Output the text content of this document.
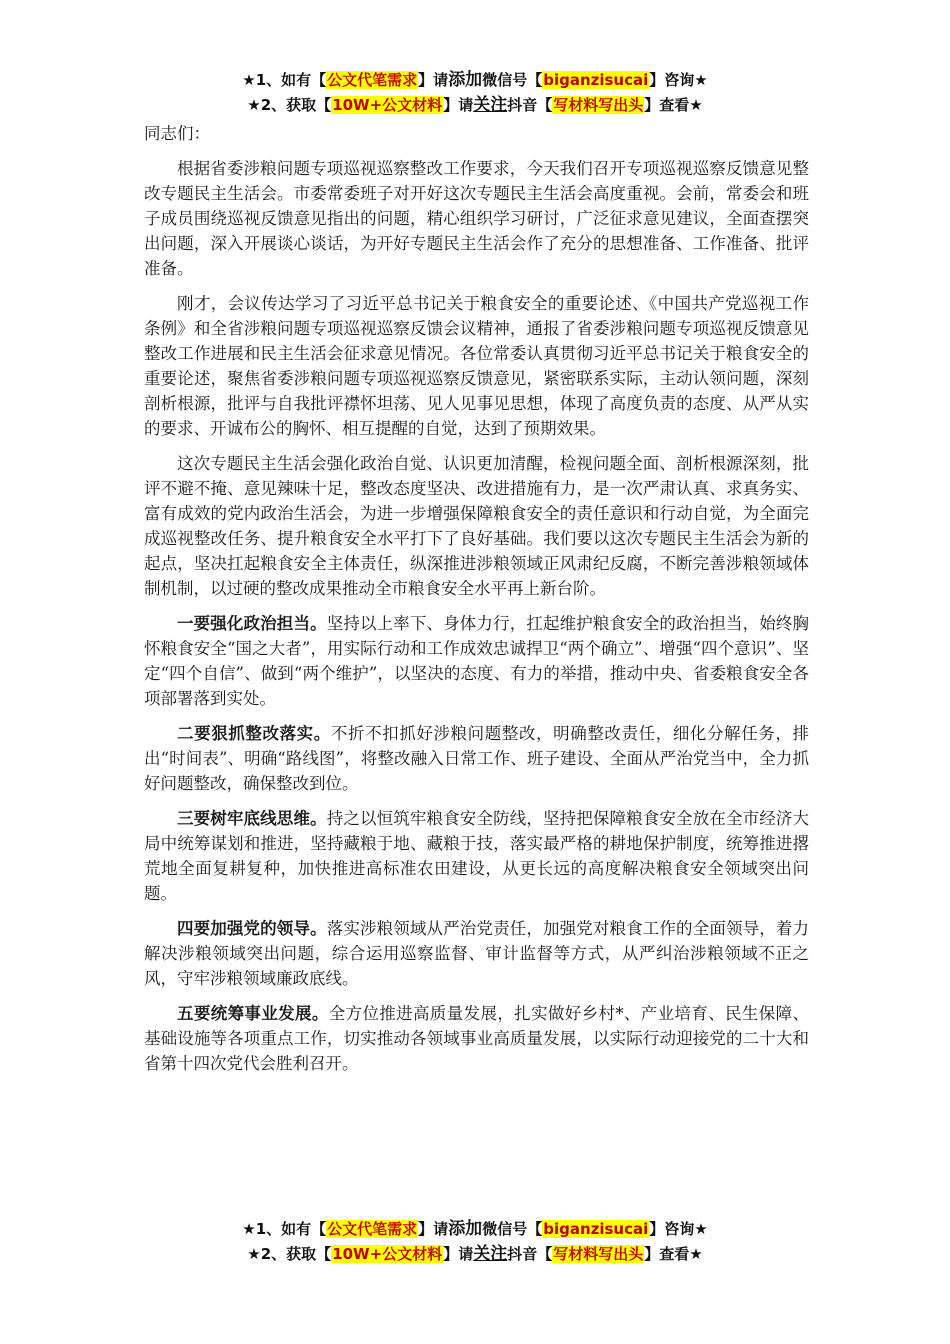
★1、如有【公文代笔需求】请添加微信号【biganzisucai】咨询★
★2、获取【10W+公文材料】请关注抖音【写材料写出头】查看★

同志们：

根据省委涉粮问题专项巡视巡察整改工作要求，今天我们召开专项巡视巡察反馈意见整改专题民主生活会。市委常委班子对开好这次专题民主生活会高度重视。会前，常委会和班子成员围绕巡视反馈意见指出的问题，精心组织学习研讨，广泛征求意见建议，全面查摆突出问题，深入开展谈心谈话，为开好专题民主生活会作了充分的思想准备、工作准备、批评准备。

刚才，会议传达学习了习近平总书记关于粮食安全的重要论述、《中国共产党巡视工作条例》和全省涉粮问题专项巡视巡察反馈会议精神，通报了省委涉粮问题专项巡视反馈意见整改工作进展和民主生活会征求意见情况。各位常委认真贯彻习近平总书记关于粮食安全的重要论述，聚焦省委涉粮问题专项巡视巡察反馈意见，紧密联系实际，主动认领问题，深刻剖析根源，批评与自我批评襟怀坦荡、见人见事见思想，体现了高度负责的态度、从严从实的要求、开诚布公的胸怀、相互提醒的自觉，达到了预期效果。

这次专题民主生活会强化政治自觉、认识更加清醒，检视问题全面、剖析根源深刻，批评不避不掩、意见辣味十足，整改态度坚决、改进措施有力，是一次严肃认真、求真务实、富有成效的党内政治生活会，为进一步增强保障粮食安全的责任意识和行动自觉，为全面完成巡视整改任务、提升粮食安全水平打下了良好基础。我们要以这次专题民主生活会为新的起点，坚决扛起粮食安全主体责任，纵深推进涉粮领域正风肃纪反腐，不断完善涉粮领域体制机制，以过硬的整改成果推动全市粮食安全水平再上新台阶。

一要强化政治担当。坚持以上率下、身体力行，扛起维护粮食安全的政治担当，始终胸怀粮食安全“国之大者”，用实际行动和工作成效忠诚捍卫“两个确立”、增强“四个意识”、坚定“四个自信”、做到“两个维护”，以坚决的态度、有力的举措，推动中央、省委粮食安全各项部署落到实处。

二要狠抓整改落实。不折不扣抓好涉粮问题整改，明确整改责任，细化分解任务，排出“时间表”、明确“路线图”，将整改融入日常工作、班子建设、全面从严治党当中，全力抓好问题整改，确保整改到位。

三要树牢底线思维。持之以恒筑牢粮食安全防线，坚持把保障粮食安全放在全市经济大局中统筹谋划和推进，坚持藏粮于地、藏粮于技，落实最严格的耕地保护制度，统筹推进撂荒地全面复耕复种，加快推进高标准农田建设，从更长远的高度解决粮食安全领域突出问题。

四要加强党的领导。落实涉粮领域从严治党责任，加强党对粮食工作的全面领导，着力解决涉粮领域突出问题，综合运用巡察监督、审计监督等方式，从严纠治涉粮领域不正之风，守牢涉粮领域廉政底线。

五要统筹事业发展。全方位推进高质量发展，扎实做好乡村*、产业培育、民生保障、基础设施等各项重点工作，切实推动各领域事业高质量发展，以实际行动迎接党的二十大和省第十四次党代会胜利召开。

★1、如有【公文代笔需求】请添加微信号【biganzisucai】咨询★
★2、获取【10W+公文材料】请关注抖音【写材料写出头】查看★
